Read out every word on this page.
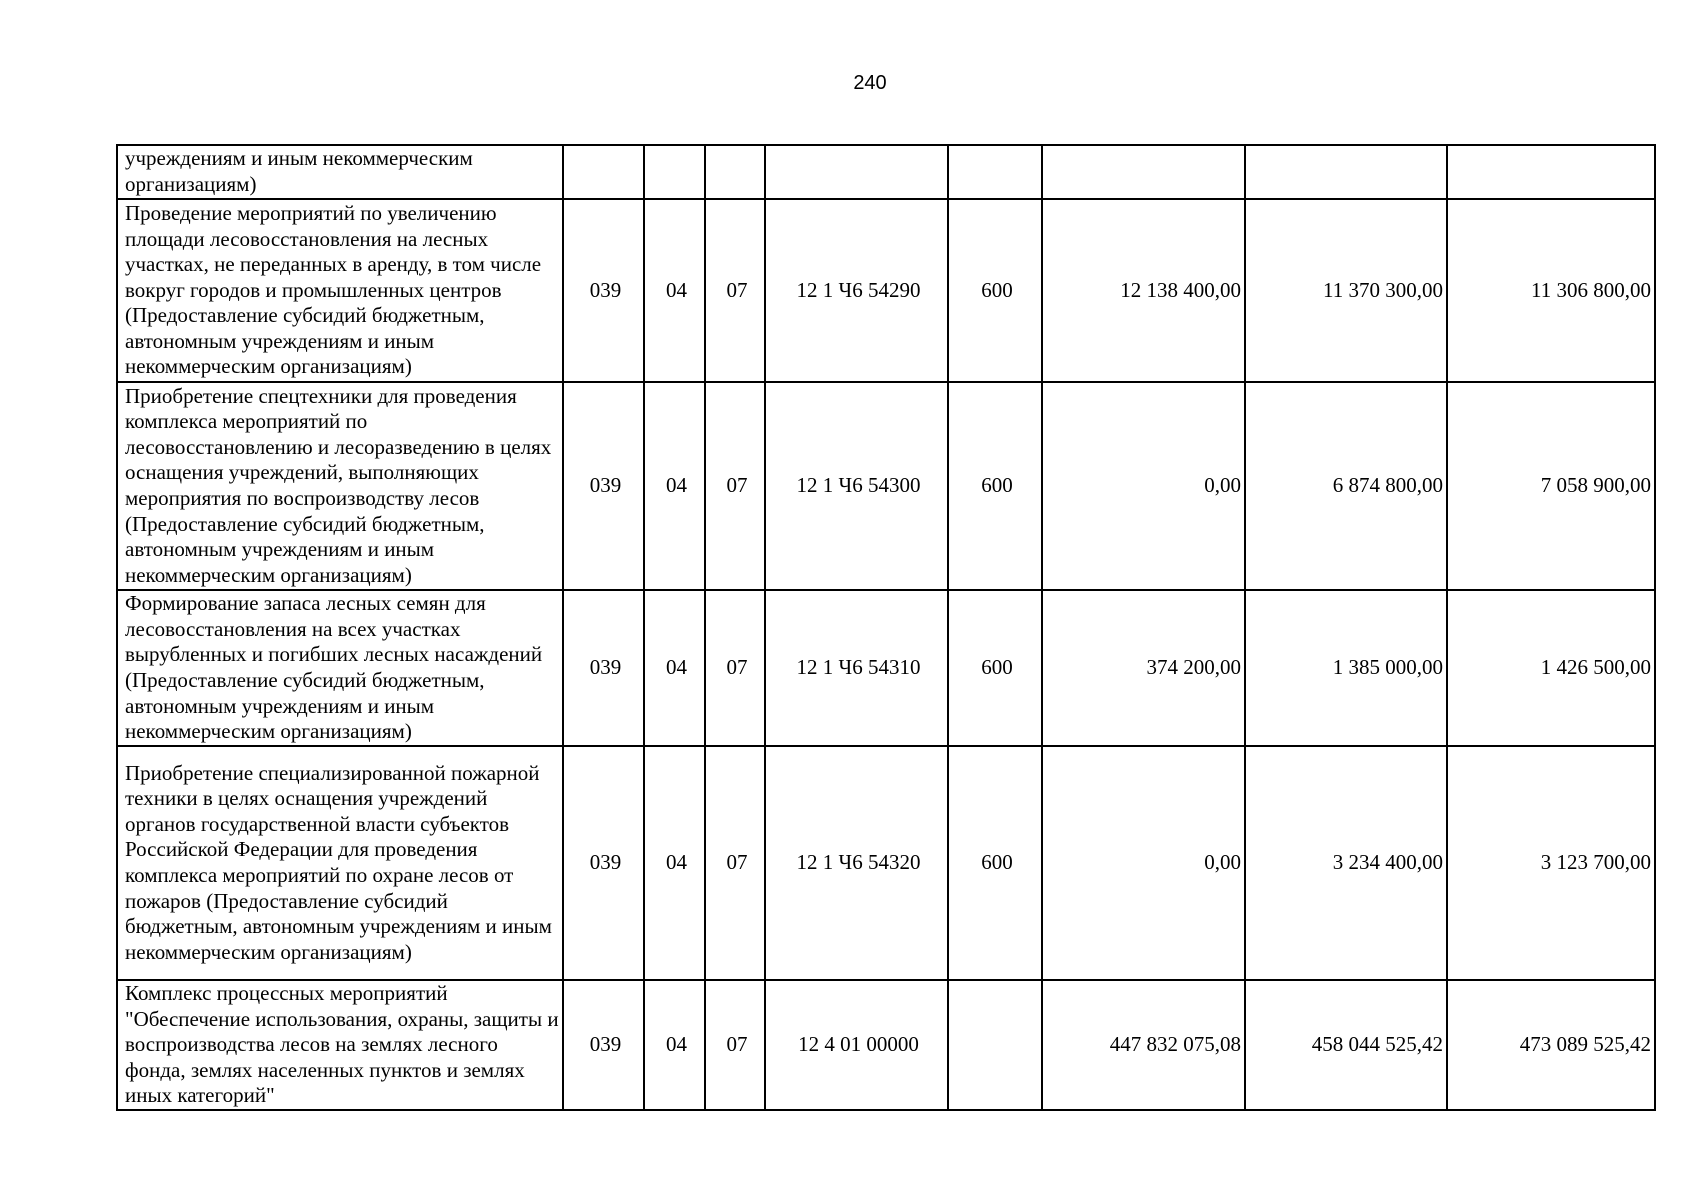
240
учреждениям и иным некоммерческим организациям)								
Проведение мероприятий по увеличению площади лесовосстановления на лесных участках, не переданных в аренду, в том числе вокруг городов и промышленных центров (Предоставление субсидий бюджетным, автономным учреждениям и иным некоммерческим организациям)	039	04	07	12 1 Ч6 54290	600	12 138 400,00	11 370 300,00	11 306 800,00
Приобретение спецтехники для проведения комплекса мероприятий по лесовосстановлению и лесоразведению в целях оснащения учреждений, выполняющих мероприятия по воспроизводству лесов (Предоставление субсидий бюджетным, автономным учреждениям и иным некоммерческим организациям)	039	04	07	12 1 Ч6 54300	600	0,00	6 874 800,00	7 058 900,00
Формирование запаса лесных семян для лесовосстановления на всех участках вырубленных и погибших лесных насаждений (Предоставление субсидий бюджетным, автономным учреждениям и иным некоммерческим организациям)	039	04	07	12 1 Ч6 54310	600	374 200,00	1 385 000,00	1 426 500,00
Приобретение специализированной пожарной техники в целях оснащения учреждений органов государственной власти субъектов Российской Федерации для проведения комплекса мероприятий по охране лесов от пожаров (Предоставление субсидий бюджетным, автономным учреждениям и иным некоммерческим организациям)	039	04	07	12 1 Ч6 54320	600	0,00	3 234 400,00	3 123 700,00
Комплекс процессных мероприятий "Обеспечение использования, охраны, защиты и воспроизводства лесов на землях лесного фонда, землях населенных пунктов и землях иных категорий"	039	04	07	12 4 01 00000		447 832 075,08	458 044 525,42	473 089 525,42
